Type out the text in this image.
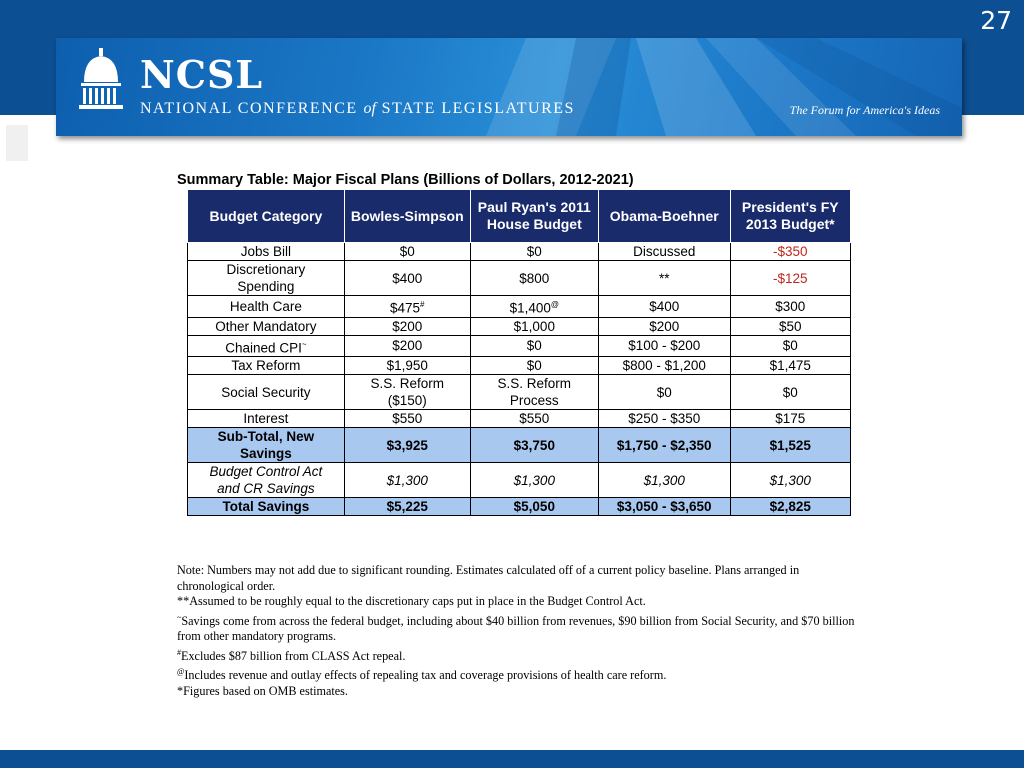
27
NCSL
NATIONAL CONFERENCE of STATE LEGISLATURES	The Forum for America's Ideas
Summary Table: Major Fiscal Plans (Billions of Dollars, 2012-2021)
Budget Category	Bowles-Simpson	Paul Ryan's 2011 House Budget	Obama-Boehner	President's FY 2013 Budget*
Jobs Bill	$0	$0	Discussed	-$350
Discretionary Spending	$400	$800	**	-$125
Health Care	$475#	$1,400@	$400	$300
Other Mandatory	$200	$1,000	$200	$50
Chained CPI~	$200	$0	$100 - $200	$0
Tax Reform	$1,950	$0	$800 - $1,200	$1,475
Social Security	S.S. Reform ($150)	S.S. Reform Process	$0	$0
Interest	$550	$550	$250 - $350	$175
Sub-Total, New Savings	$3,925	$3,750	$1,750 - $2,350	$1,525
Budget Control Act and CR Savings	$1,300	$1,300	$1,300	$1,300
Total Savings	$5,225	$5,050	$3,050 - $3,650	$2,825

Note: Numbers may not add due to significant rounding. Estimates calculated off of a current policy baseline. Plans arranged in chronological order.

**Assumed to be roughly equal to the discretionary caps put in place in the Budget Control Act.

~Savings come from across the federal budget, including about $40 billion from revenues, $90 billion from Social Security, and $70 billion from other mandatory programs.

#Excludes $87 billion from CLASS Act repeal.

@Includes revenue and outlay effects of repealing tax and coverage provisions of health care reform.

*Figures based on OMB estimates.
